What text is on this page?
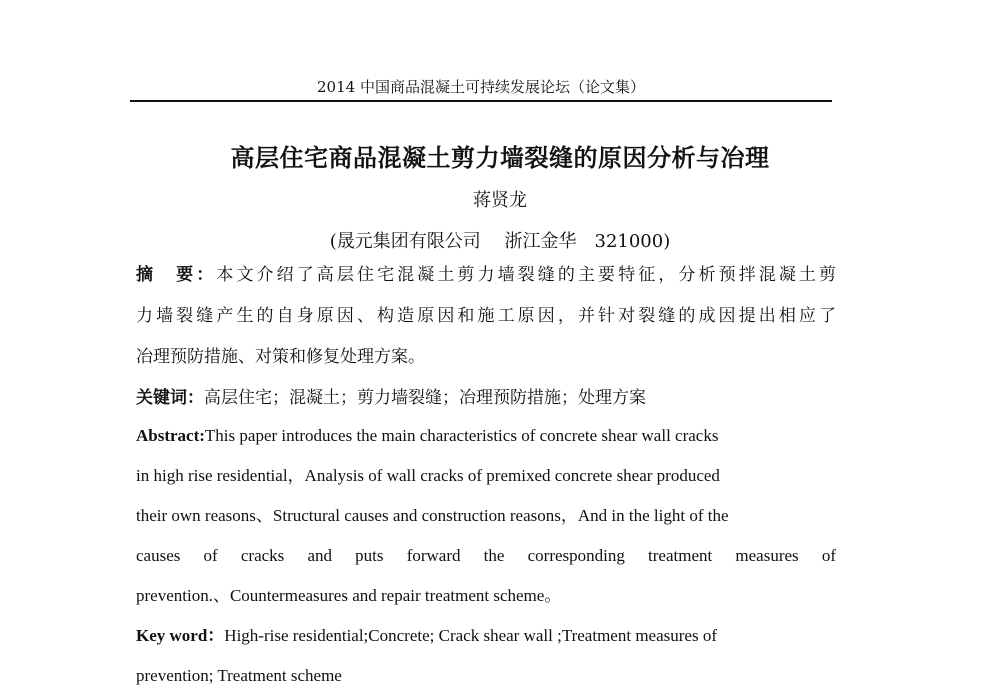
2014 中国商品混凝土可持续发展论坛（论文集）
高层住宅商品混凝土剪力墙裂缝的原因分析与冶理
蒋贤龙
(晟元集团有限公司　 浙江金华　321000)
摘　要：本文介绍了高层住宅混凝土剪力墙裂缝的主要特征，分析预拌混凝土剪
力墙裂缝产生的自身原因、构造原因和施工原因，并针对裂缝的成因提出相应了
冶理预防措施、对策和修复处理方案。
关键词：高层住宅；混凝土；剪力墙裂缝；冶理预防措施；处理方案
Abstract:This paper introduces the main characteristics of concrete shear wall cracks
in high rise residential，Analysis of wall cracks of premixed concrete shear produced
their own reasons、Structural causes and construction reasons，And in the light of the
causes of cracks and puts forward the corresponding treatment measures of
prevention.、Countermeasures and repair treatment scheme。
Key word：High-rise residential;Concrete; Crack shear wall ;Treatment measures of
prevention; Treatment scheme
